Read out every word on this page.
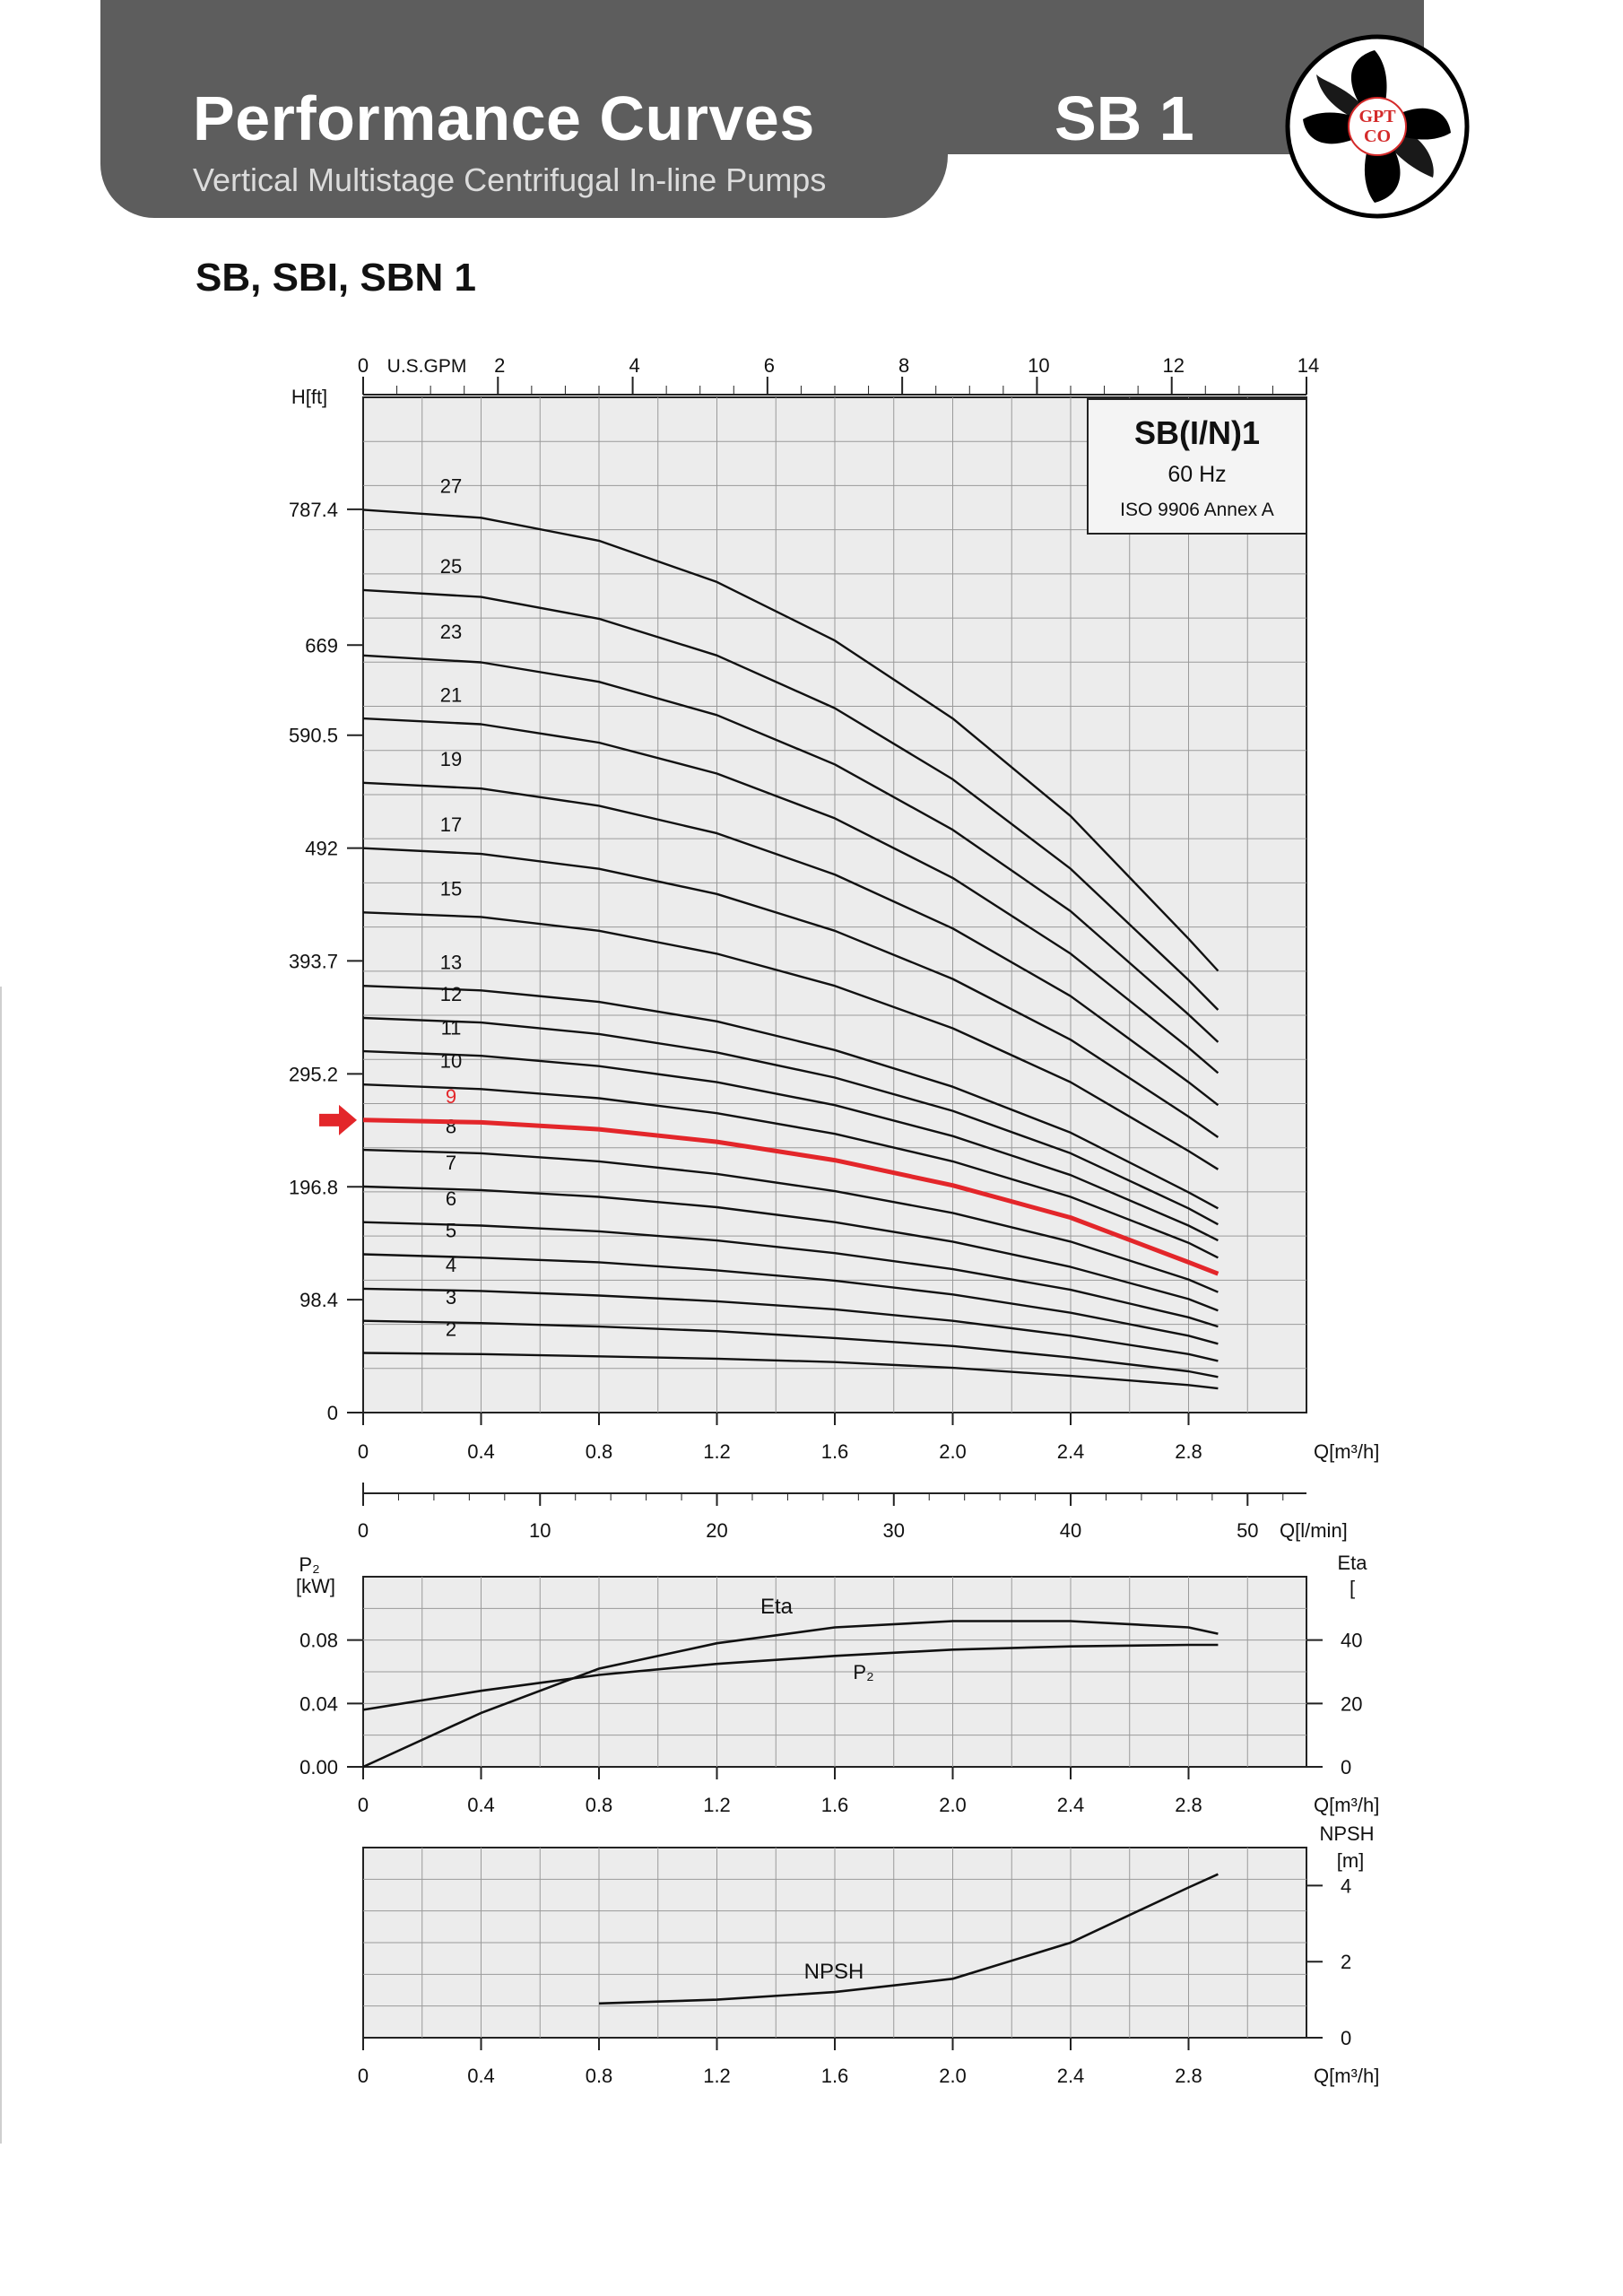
Performance Curves
Vertical Multistage Centrifugal In-line Pumps
SB 1	GPT
CO
SB, SBI, SBN 1
0	2	4	6	8	10	12	14
U.S.GPM
H[ft]
0
98.4
196.8
295.2
393.7
492
590.5
669
787.4
0	0.4	0.8	1.2	1.6	2.0	2.4	2.8	Q[m³/h]
SB(I/N)1
60 Hz
ISO 9906 Annex A
2
3
4
5
6
7
8
9
10
11
12
13
15
17
19
21
23
25
27
0	10	20	30	40	50 Q[l/min]
P₂
[kW]
0.00
0.04
0.08
Eta
[
0
20
40
0	0.4	0.8	1.2	1.6	2.0	2.4	2.8	Q[m³/h]
Eta
P₂
NPSH
[m]
0
2
4
0	0.4	0.8	1.2	1.6	2.0	2.4	2.8	Q[m³/h]
NPSH
